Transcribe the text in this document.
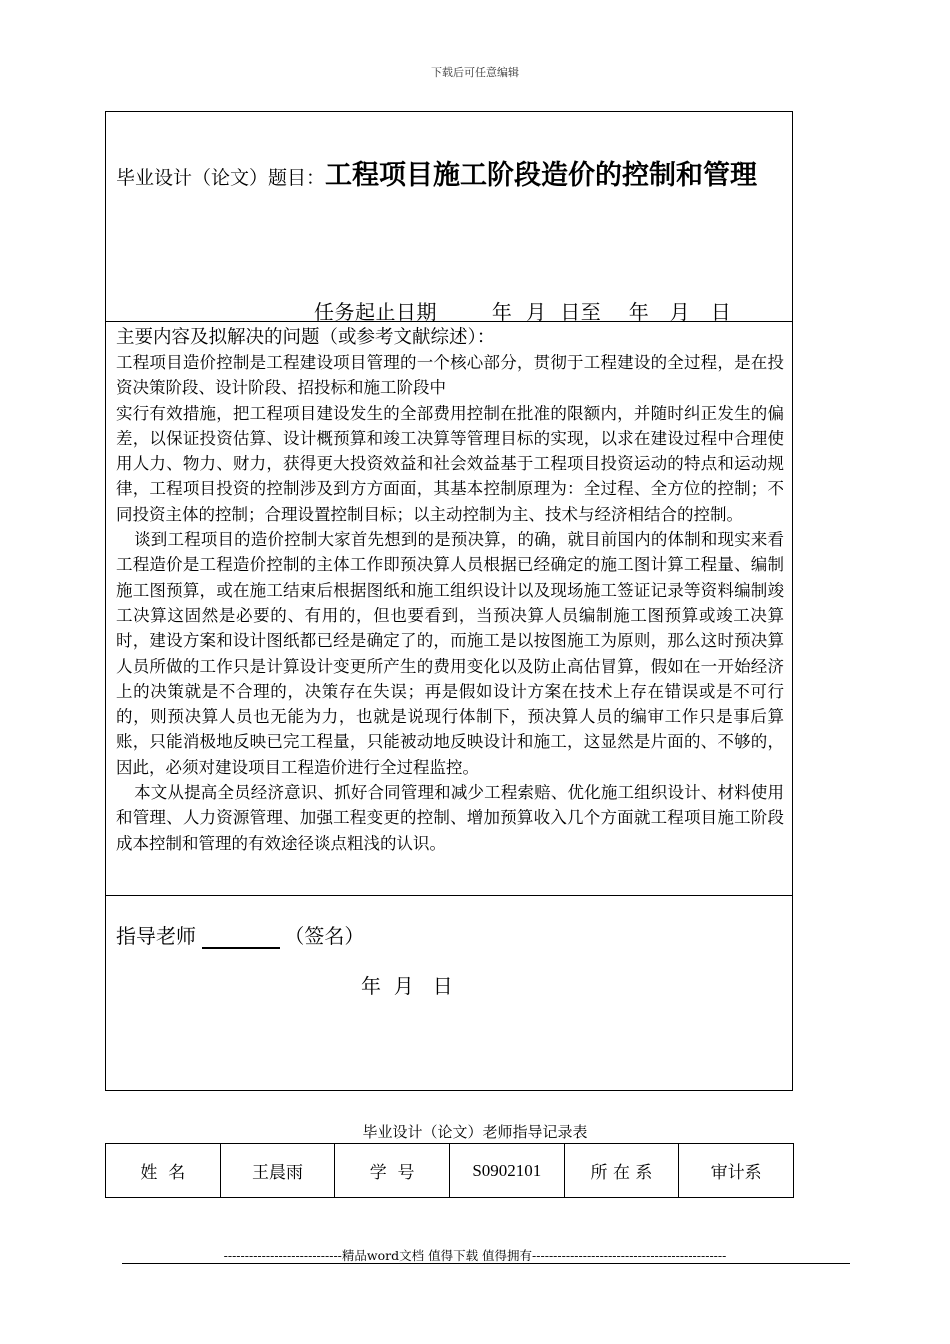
下载后可任意编辑
毕业设计（论文）题目：工程项目施工阶段造价的控制和管理
任务起止日期        年  月  日至    年   月   日
主要内容及拟解决的问题（或参考文献综述）：

工程项目造价控制是工程建设项目管理的一个核心部分，贯彻于工程建设的全过程，是在投资决策阶段、设计阶段、招投标和施工阶段中

实行有效措施，把工程项目建设发生的全部费用控制在批准的限额内，并随时纠正发生的偏差，以保证投资估算、设计概预算和竣工决算等管理目标的实现，以求在建设过程中合理使用人力、物力、财力，获得更大投资效益和社会效益基于工程项目投资运动的特点和运动规律，工程项目投资的控制涉及到方方面面，其基本控制原理为：全过程、全方位的控制；不同投资主体的控制；合理设置控制目标；以主动控制为主、技术与经济相结合的控制。

谈到工程项目的造价控制大家首先想到的是预决算，的确，就目前国内的体制和现实来看工程造价是工程造价控制的主体工作即预决算人员根据已经确定的施工图计算工程量、编制施工图预算，或在施工结束后根据图纸和施工组织设计以及现场施工签证记录等资料编制竣工决算这固然是必要的、有用的，但也要看到，当预决算人员编制施工图预算或竣工决算时，建设方案和设计图纸都已经是确定了的，而施工是以按图施工为原则，那么这时预决算人员所做的工作只是计算设计变更所产生的费用变化以及防止高估冒算，假如在一开始经济上的决策就是不合理的，决策存在失误；再是假如设计方案在技术上存在错误或是不可行的，则预决算人员也无能为力，也就是说现行体制下，预决算人员的编审工作只是事后算账，只能消极地反映已完工程量，只能被动地反映设计和施工，这显然是片面的、不够的，因此，必须对建设项目工程造价进行全过程监控。

本文从提高全员经济意识、抓好合同管理和减少工程索赔、优化施工组织设计、材料使用和管理、人力资源管理、加强工程变更的控制、增加预算收入几个方面就工程项目施工阶段成本控制和管理的有效途径谈点粗浅的认识。

指导老师	（签名）
年  月   日
毕业设计（论文）老师指导记录表
姓  名	王晨雨	学  号	S0902101	所 在 系	审计系
----------------------------精品word文档 值得下载 值得拥有----------------------------------------------
